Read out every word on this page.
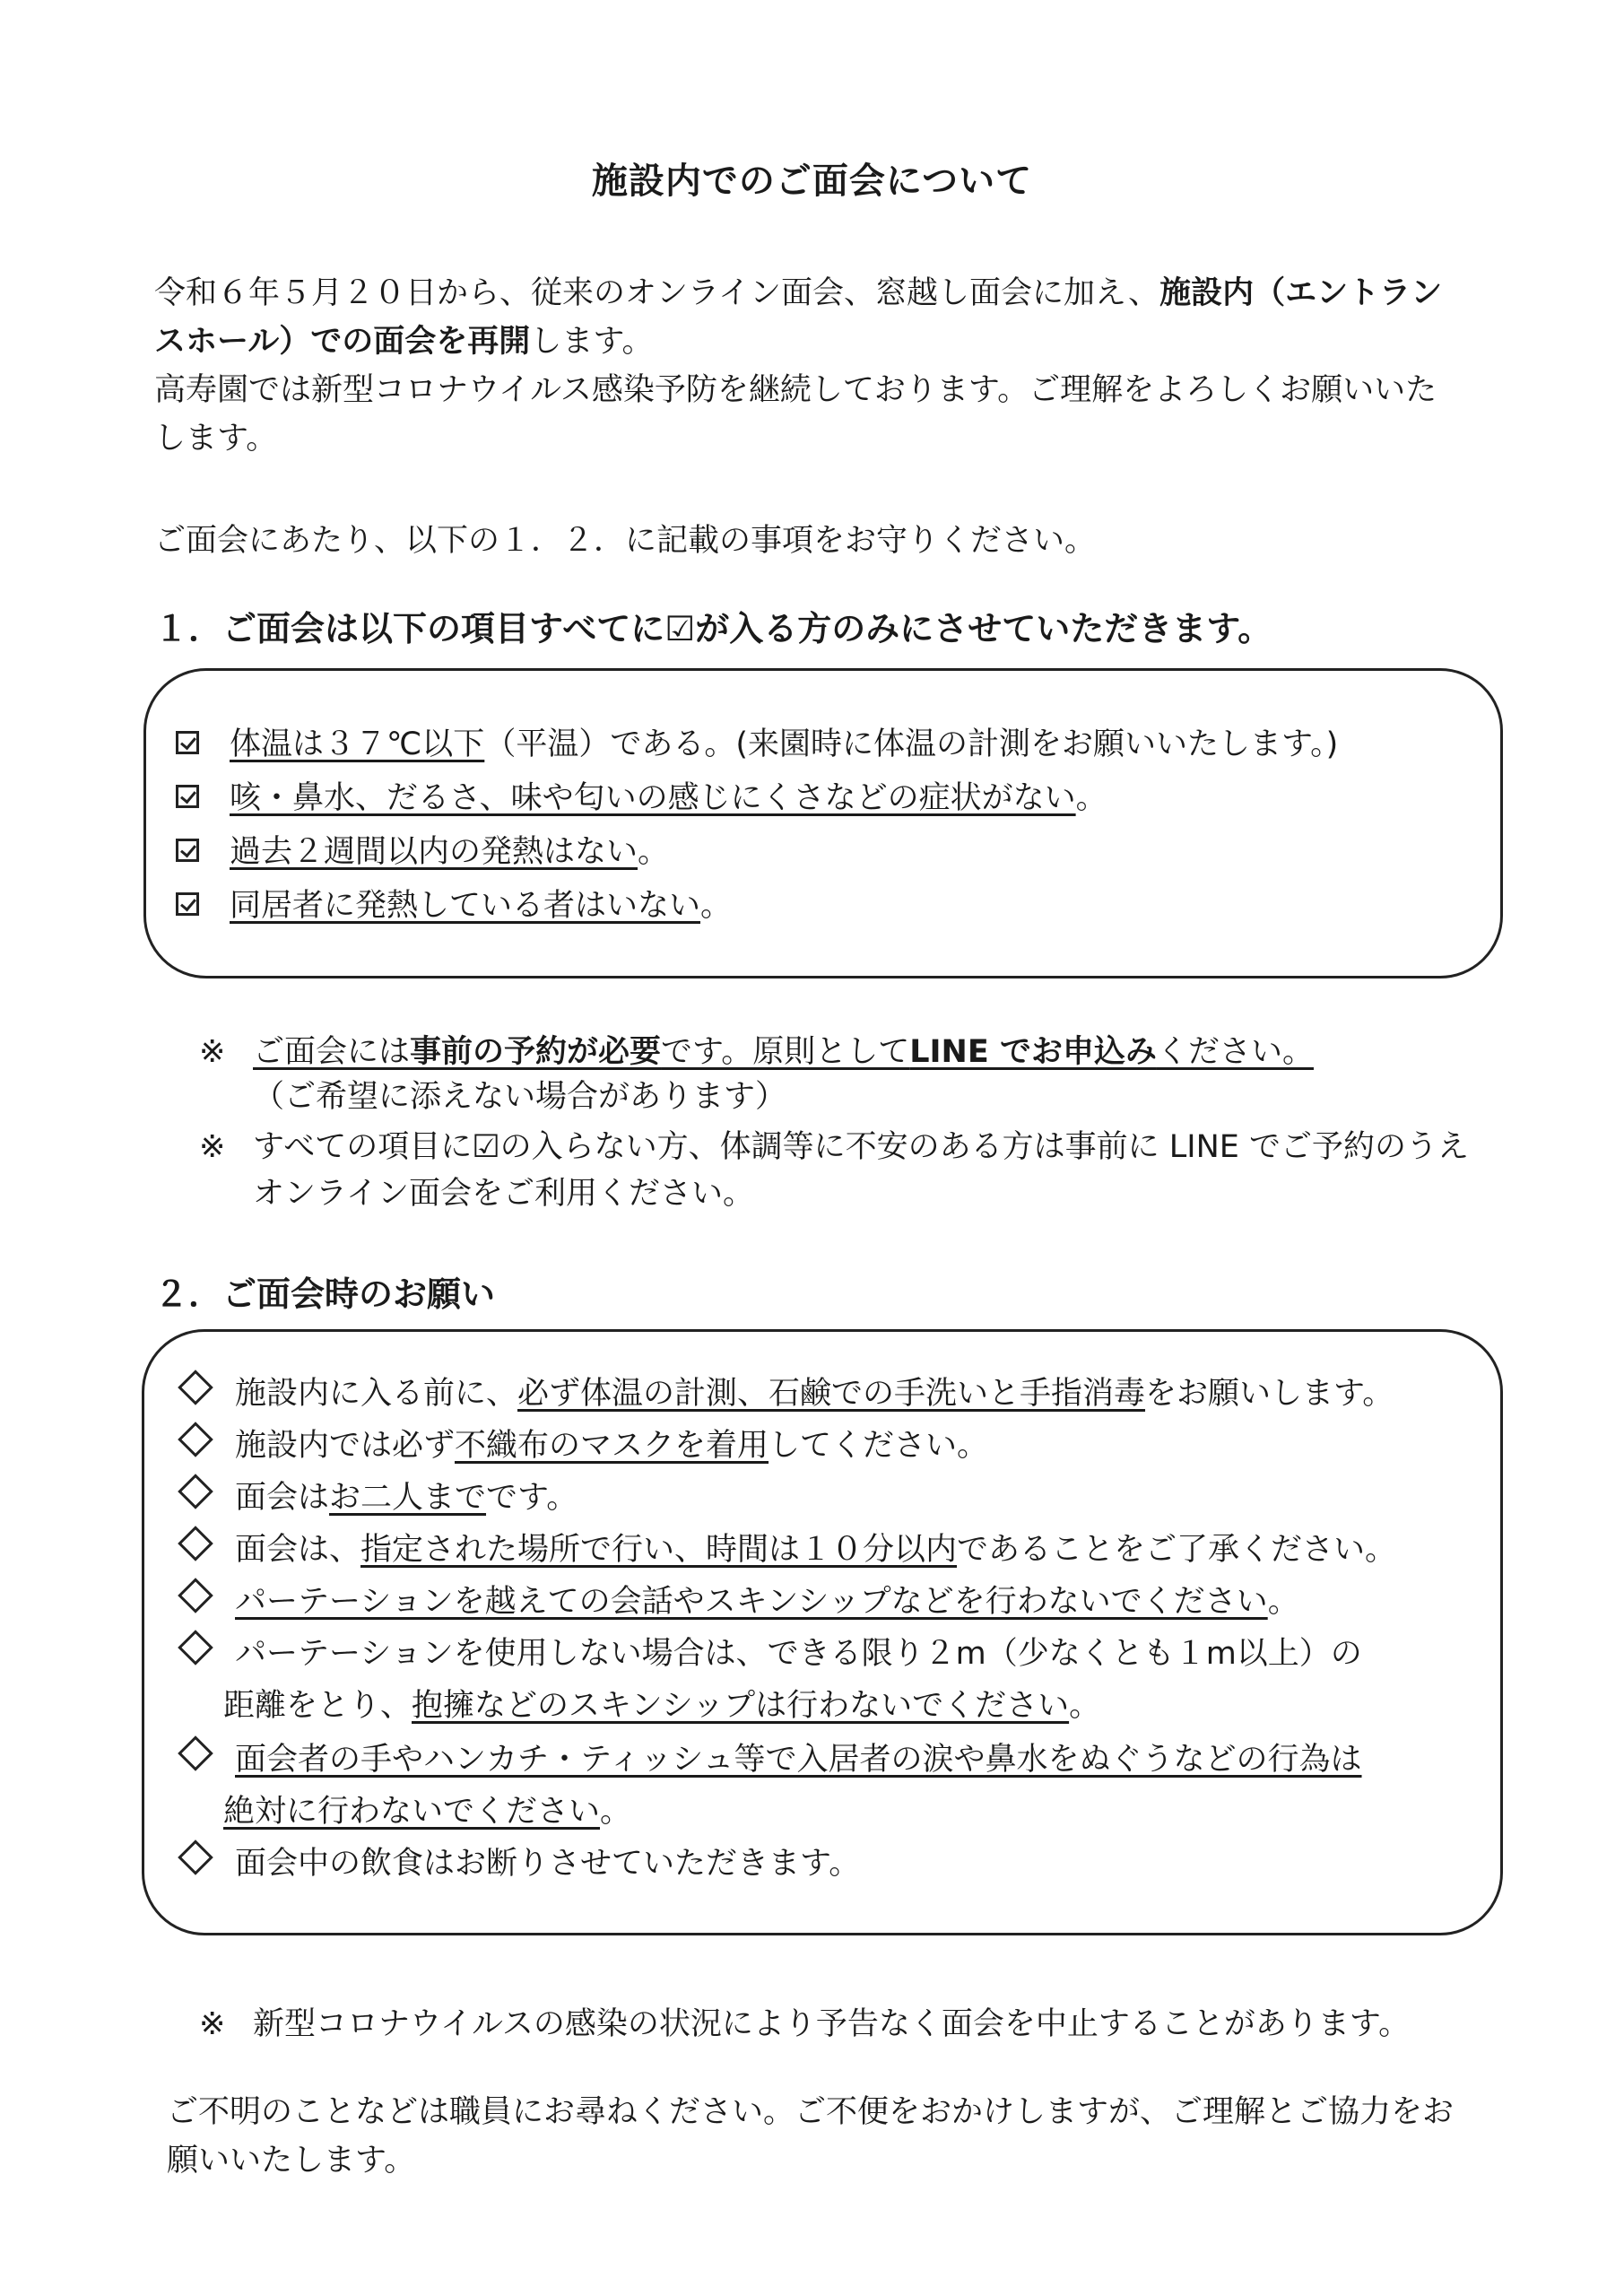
施設内でのご面会について
令和６年５月２０日から、従来のオンライン面会、窓越し面会に加え、施設内（エントラン
スホール）での面会を再開します。
高寿園では新型コロナウイルス感染予防を継続しております。ご理解をよろしくお願いいた
します。
ご面会にあたり、以下の１．２．に記載の事項をお守りください。
１．ご面会は以下の項目すべてに☑が入る方のみにさせていただきます。
体温は３７℃以下（平温）である。(来園時に体温の計測をお願いいたします。)
咳・鼻水、だるさ、味や匂いの感じにくさなどの症状がない。
過去２週間以内の発熱はない。
同居者に発熱している者はいない。
※ ご面会には事前の予約が必要です。原則としてLINE でお申込みください。
（ご希望に添えない場合があります）
※ すべての項目に☑の入らない方、体調等に不安のある方は事前に LINE でご予約のうえ
オンライン面会をご利用ください。
２．ご面会時のお願い
施設内に入る前に、必ず体温の計測、石鹸での手洗いと手指消毒をお願いします。
施設内では必ず不織布のマスクを着用してください。
面会はお二人までです。
面会は、指定された場所で行い、時間は１０分以内であることをご了承ください。
パーテーションを越えての会話やスキンシップなどを行わないでください。
パーテーションを使用しない場合は、できる限り２m（少なくとも１m以上）の
距離をとり、抱擁などのスキンシップは行わないでください。
面会者の手やハンカチ・ティッシュ等で入居者の涙や鼻水をぬぐうなどの行為は
絶対に行わないでください。
面会中の飲食はお断りさせていただきます。
※ 新型コロナウイルスの感染の状況により予告なく面会を中止することがあります。
ご不明のことなどは職員にお尋ねください。ご不便をおかけしますが、ご理解とご協力をお
願いいたします。
